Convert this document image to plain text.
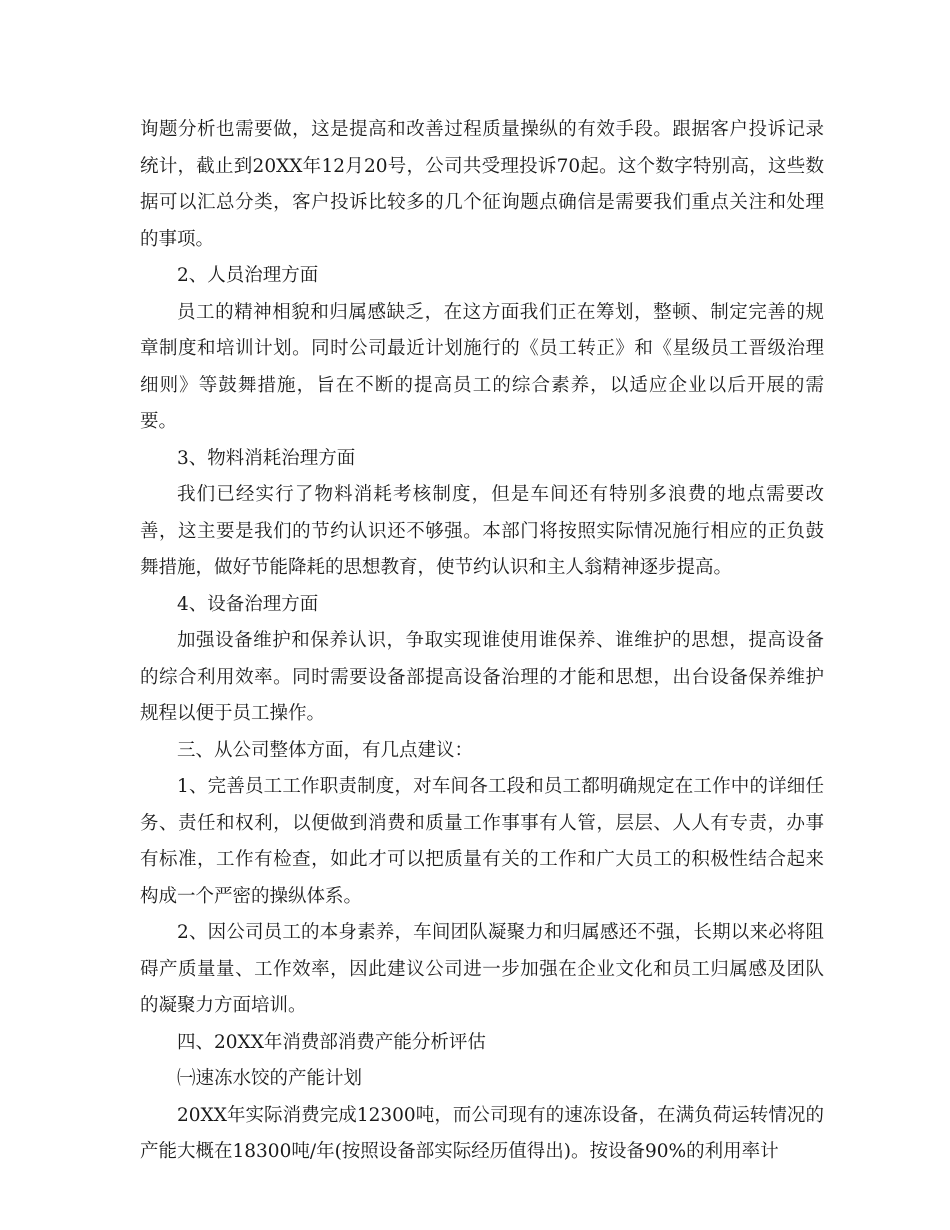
询题分析也需要做，这是提高和改善过程质量操纵的有效手段。跟据客户投诉记录统计，截止到20XX年12月20号，公司共受理投诉70起。这个数字特别高，这些数据可以汇总分类，客户投诉比较多的几个征询题点确信是需要我们重点关注和处理的事项。

2、人员治理方面

员工的精神相貌和归属感缺乏，在这方面我们正在筹划，整顿、制定完善的规章制度和培训计划。同时公司最近计划施行的《员工转正》和《星级员工晋级治理细则》等鼓舞措施，旨在不断的提高员工的综合素养，以适应企业以后开展的需要。

3、物料消耗治理方面

我们已经实行了物料消耗考核制度，但是车间还有特别多浪费的地点需要改善，这主要是我们的节约认识还不够强。本部门将按照实际情况施行相应的正负鼓舞措施，做好节能降耗的思想教育，使节约认识和主人翁精神逐步提高。

4、设备治理方面

加强设备维护和保养认识，争取实现谁使用谁保养、谁维护的思想，提高设备的综合利用效率。同时需要设备部提高设备治理的才能和思想，出台设备保养维护规程以便于员工操作。

三、从公司整体方面，有几点建议：

1、完善员工工作职责制度，对车间各工段和员工都明确规定在工作中的详细任务、责任和权利，以便做到消费和质量工作事事有人管，层层、人人有专责，办事有标准，工作有检查，如此才可以把质量有关的工作和广大员工的积极性结合起来构成一个严密的操纵体系。

2、因公司员工的本身素养，车间团队凝聚力和归属感还不强，长期以来必将阻碍产质量量、工作效率，因此建议公司进一步加强在企业文化和员工归属感及团队的凝聚力方面培训。

四、20XX年消费部消费产能分析评估

㈠速冻水饺的产能计划

20XX年实际消费完成12300吨，而公司现有的速冻设备，在满负荷运转情况的产能大概在18300吨/年(按照设备部实际经历值得出)。按设备90%的利用率计
